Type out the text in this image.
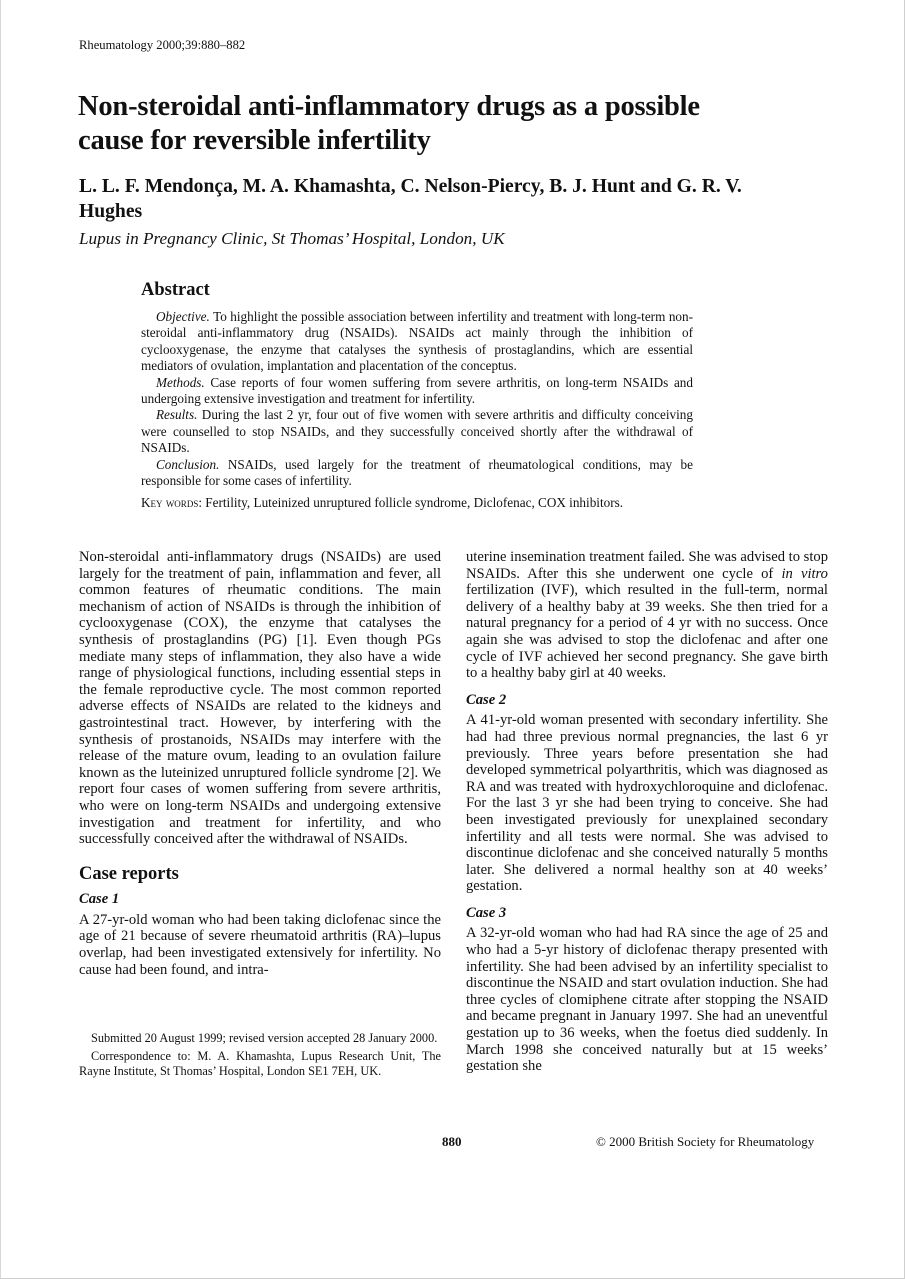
Rheumatology 2000;39:880–882
Non-steroidal anti-inflammatory drugs as a possible cause for reversible infertility
L. L. F. Mendonça, M. A. Khamashta, C. Nelson-Piercy, B. J. Hunt and G. R. V. Hughes
Lupus in Pregnancy Clinic, St Thomas’ Hospital, London, UK
Abstract

Objective. To highlight the possible association between infertility and treatment with long-term non-steroidal anti-inflammatory drug (NSAIDs). NSAIDs act mainly through the inhibition of cyclooxygenase, the enzyme that catalyses the synthesis of prostaglandins, which are essential mediators of ovulation, implantation and placentation of the conceptus.

Methods. Case reports of four women suffering from severe arthritis, on long-term NSAIDs and undergoing extensive investigation and treatment for infertility.

Results. During the last 2 yr, four out of five women with severe arthritis and difficulty conceiving were counselled to stop NSAIDs, and they successfully conceived shortly after the withdrawal of NSAIDs.

Conclusion. NSAIDs, used largely for the treatment of rheumatological conditions, may be responsible for some cases of infertility.

Key words: Fertility, Luteinized unruptured follicle syndrome, Diclofenac, COX inhibitors.

Non-steroidal anti-inflammatory drugs (NSAIDs) are used largely for the treatment of pain, inflammation and fever, all common features of rheumatic conditions. The main mechanism of action of NSAIDs is through the inhibition of cyclooxygenase (COX), the enzyme that catalyses the synthesis of prostaglandins (PG) [1]. Even though PGs mediate many steps of inflammation, they also have a wide range of physiological functions, including essential steps in the female reproductive cycle. The most common reported adverse effects of NSAIDs are related to the kidneys and gastrointestinal tract. However, by interfering with the synthesis of prostanoids, NSAIDs may interfere with the release of the mature ovum, leading to an ovulation failure known as the luteinized unruptured follicle syndrome [2]. We report four cases of women suffering from severe arthritis, who were on long-term NSAIDs and undergoing extensive investigation and treatment for infertility, and who successfully conceived after the withdrawal of NSAIDs.

Case reports
Case 1

A 27-yr-old woman who had been taking diclofenac since the age of 21 because of severe rheumatoid arthritis (RA)–lupus overlap, had been investigated extensively for infertility. No cause had been found, and intra-

Submitted 20 August 1999; revised version accepted 28 January 2000.

Correspondence to: M. A. Khamashta, Lupus Research Unit, The Rayne Institute, St Thomas’ Hospital, London SE1 7EH, UK.

uterine insemination treatment failed. She was advised to stop NSAIDs. After this she underwent one cycle of in vitro fertilization (IVF), which resulted in the full-term, normal delivery of a healthy baby at 39 weeks. She then tried for a natural pregnancy for a period of 4 yr with no success. Once again she was advised to stop the diclofenac and after one cycle of IVF achieved her second pregnancy. She gave birth to a healthy baby girl at 40 weeks.

Case 2

A 41-yr-old woman presented with secondary infertility. She had had three previous normal pregnancies, the last 6 yr previously. Three years before presentation she had developed symmetrical polyarthritis, which was diagnosed as RA and was treated with hydroxychloroquine and diclofenac. For the last 3 yr she had been trying to conceive. She had been investigated previously for unexplained secondary infertility and all tests were normal. She was advised to discontinue diclofenac and she conceived naturally 5 months later. She delivered a normal healthy son at 40 weeks’ gestation.

Case 3

A 32-yr-old woman who had had RA since the age of 25 and who had a 5-yr history of diclofenac therapy presented with infertility. She had been advised by an infertility specialist to discontinue the NSAID and start ovulation induction. She had three cycles of clomiphene citrate after stopping the NSAID and became pregnant in January 1997. She had an uneventful gestation up to 36 weeks, when the foetus died suddenly. In March 1998 she conceived naturally but at 15 weeks’ gestation she

880	© 2000 British Society for Rheumatology
